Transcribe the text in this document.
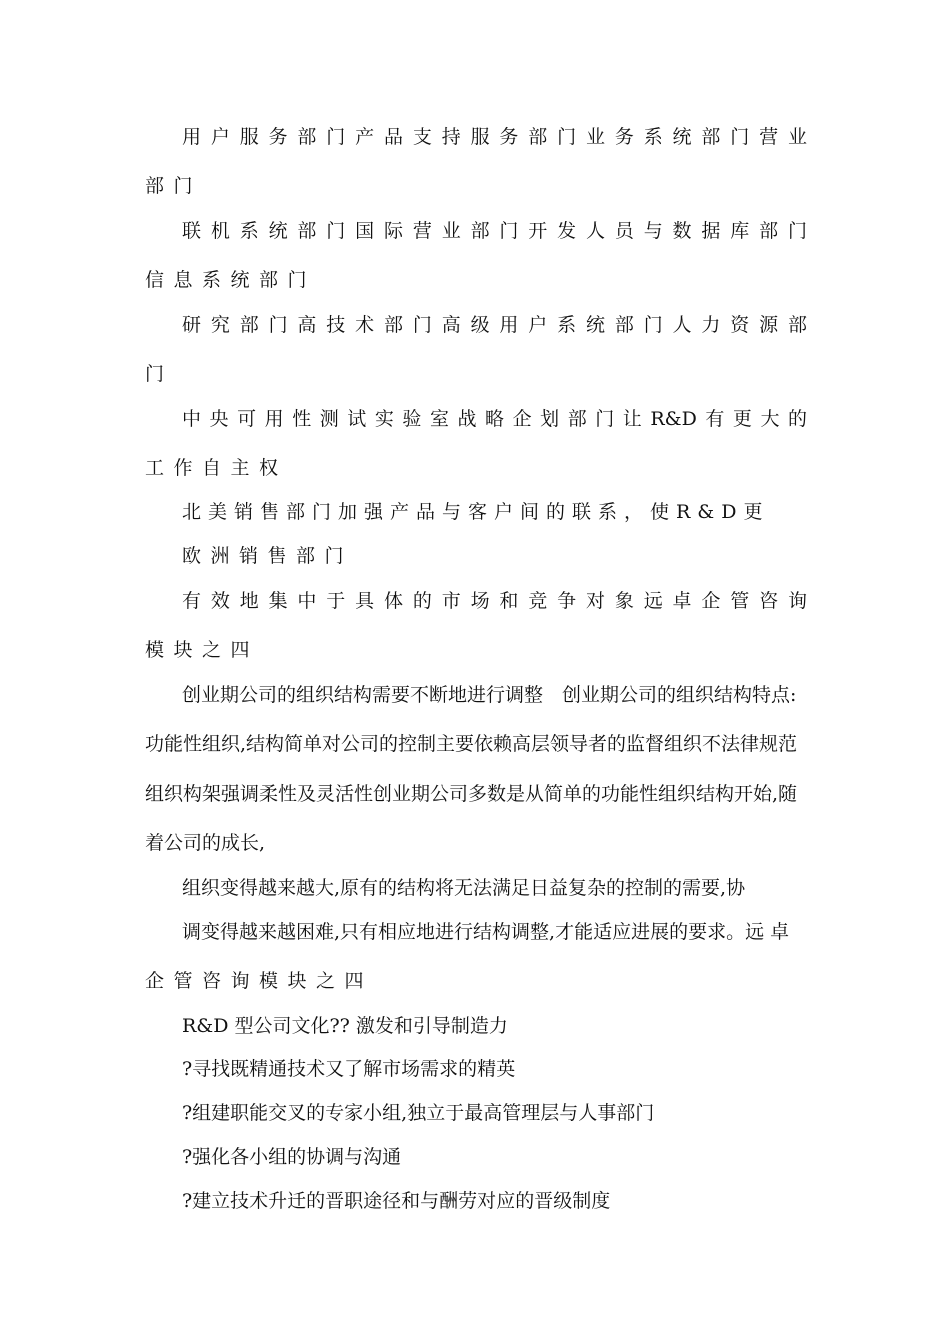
用户服务部门产品支持服务部门业务系统部门营业
部门
联机系统部门国际营业部门开发人员与数据库部门
信息系统部门
研究部门高技术部门高级用户系统部门人力资源部
门
中央可用性测试实验室战略企划部门让R&D有更大的
工作自主权
北美销售部门加强产品与客户间的联系，使R&D更
欧洲销售部门
有效地集中于具体的市场和竞争对象远卓企管咨询
模块之四
创业期公司的组织结构需要不断地进行调整　创业期公司的组织结构特点:
功能性组织,结构简单对公司的控制主要依赖高层领导者的监督组织不法律规范
组织构架强调柔性及灵活性创业期公司多数是从简单的功能性组织结构开始,随
着公司的成长,
组织变得越来越大,原有的结构将无法满足日益复杂的控制的需要,协
调变得越来越困难,只有相应地进行结构调整,才能适应进展的要求。远 卓
企管咨询模块之四
R&D 型公司文化?? 激发和引导制造力
?寻找既精通技术又了解市场需求的精英
?组建职能交叉的专家小组,独立于最高管理层与人事部门
?强化各小组的协调与沟通
?建立技术升迁的晋职途径和与酬劳对应的晋级制度
